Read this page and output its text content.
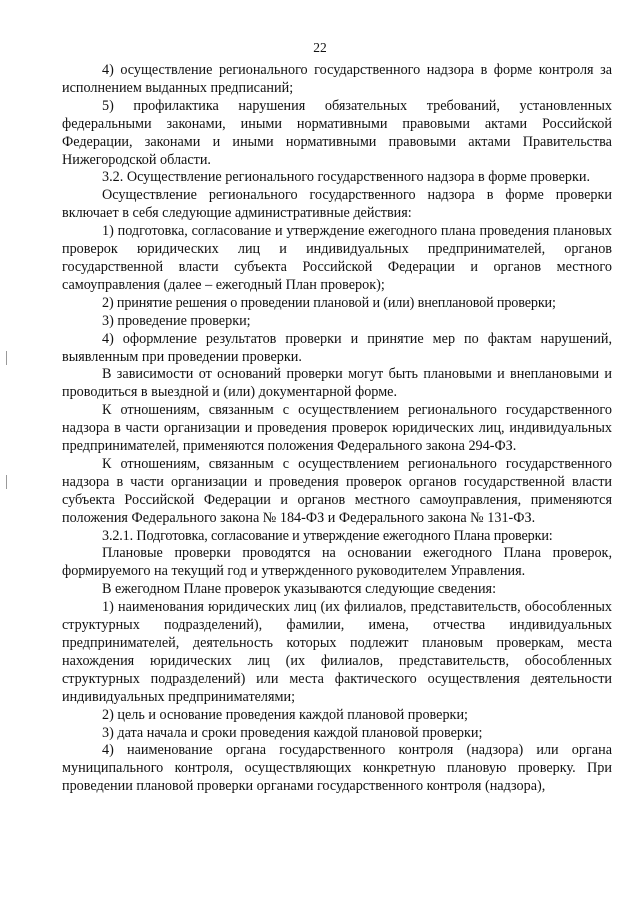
22

4) осуществление регионального государственного надзора в форме контроля за исполнением выданных предписаний;

5) профилактика нарушения обязательных требований, установленных федеральными законами, иными нормативными правовыми актами Российской Федерации, законами и иными нормативными правовыми актами Правительства Нижегородской области.

3.2. Осуществление регионального государственного надзора в форме проверки.

Осуществление регионального государственного надзора в форме проверки включает в себя следующие административные действия:

1) подготовка, согласование и утверждение ежегодного плана проведения плановых проверок юридических лиц и индивидуальных предпринимателей, органов государственной власти субъекта Российской Федерации и органов местного самоуправления (далее – ежегодный План проверок);

2) принятие решения о проведении плановой и (или) внеплановой проверки;

3) проведение проверки;

4) оформление результатов проверки и принятие мер по фактам нарушений, выявленным при проведении проверки.

В зависимости от оснований проверки могут быть плановыми и внеплановыми и проводиться в выездной и (или) документарной форме.

К отношениям, связанным с осуществлением регионального государственного надзора в части организации и проведения проверок юридических лиц, индивидуальных предпринимателей, применяются положения Федерального закона 294-ФЗ.

К отношениям, связанным с осуществлением регионального государственного надзора в части организации и проведения проверок органов государственной власти субъекта Российской Федерации и органов местного самоуправления, применяются положения Федерального закона № 184-ФЗ и Федерального закона № 131-ФЗ.

3.2.1. Подготовка, согласование и утверждение ежегодного Плана проверки:

Плановые проверки проводятся на основании ежегодного Плана проверок, формируемого на текущий год и утвержденного руководителем Управления.

В ежегодном Плане проверок указываются следующие сведения:

1) наименования юридических лиц (их филиалов, представительств, обособленных структурных подразделений), фамилии, имена, отчества индивидуальных предпринимателей, деятельность которых подлежит плановым проверкам, места нахождения юридических лиц (их филиалов, представительств, обособленных структурных подразделений) или места фактического осуществления деятельности индивидуальных предпринимателями;

2) цель и основание проведения каждой плановой проверки;

3) дата начала и сроки проведения каждой плановой проверки;

4) наименование органа государственного контроля (надзора) или органа муниципального контроля, осуществляющих конкретную плановую проверку. При проведении плановой проверки органами государственного контроля (надзора),
